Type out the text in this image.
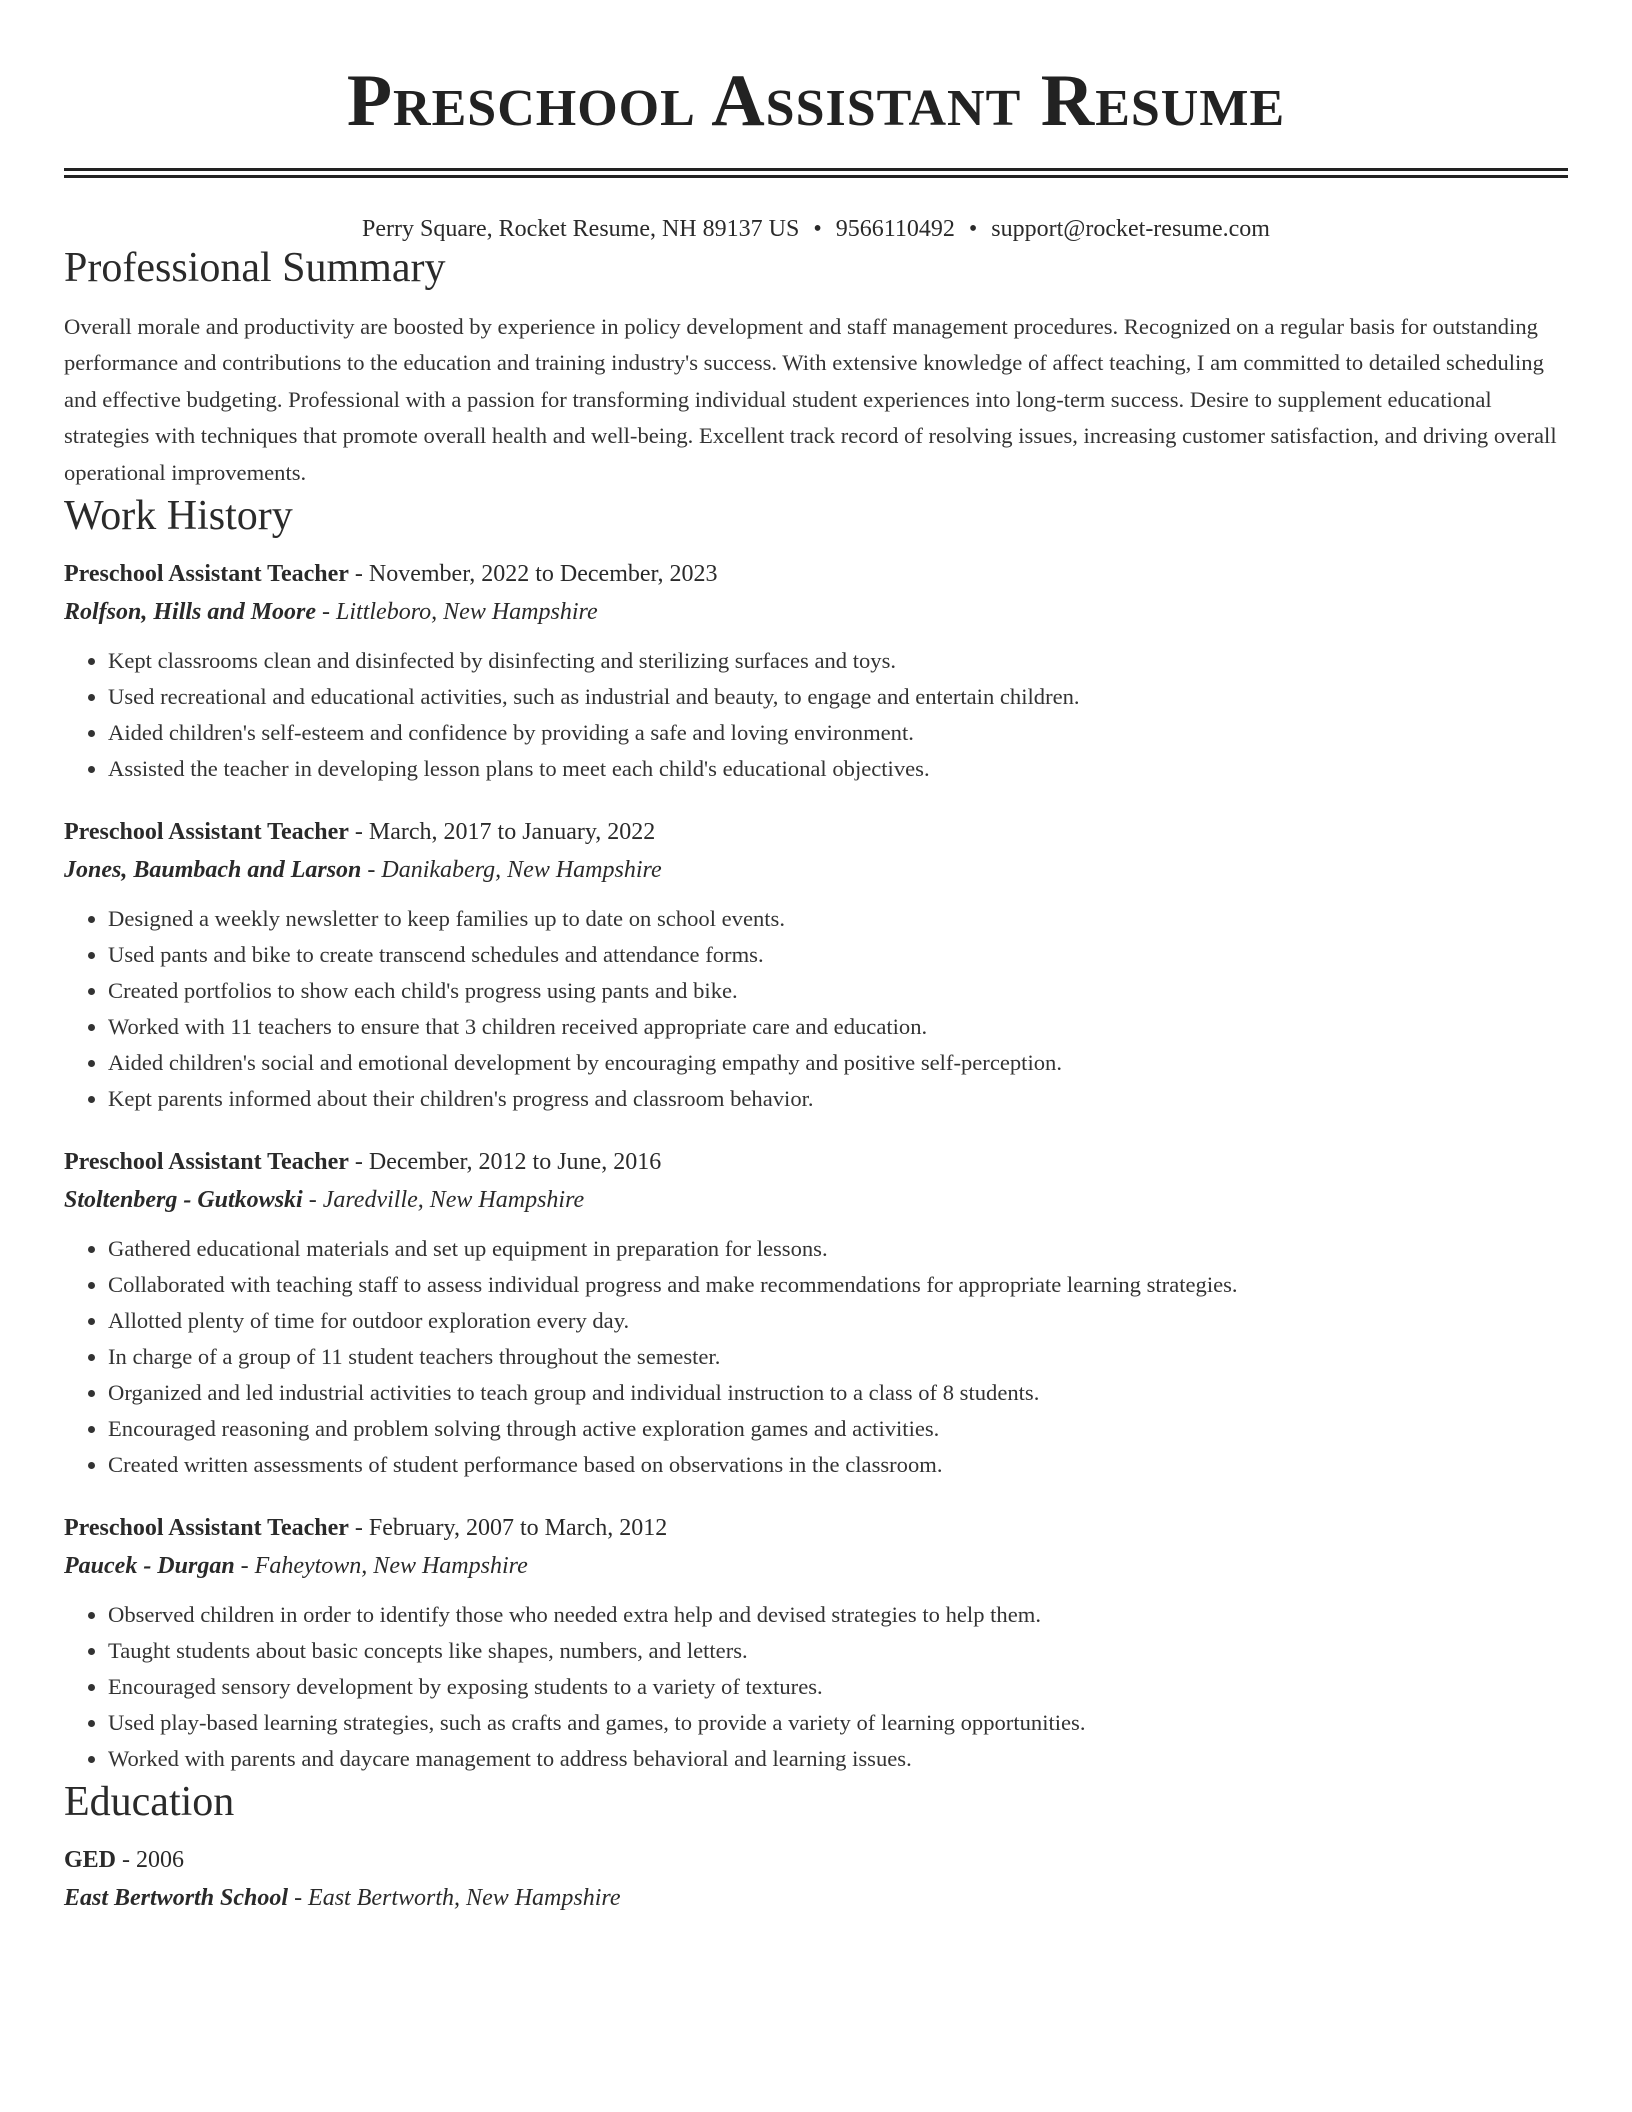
Preschool Assistant Resume
Perry Square, Rocket Resume, NH 89137 US • 9566110492 • support@rocket-resume.com
Professional Summary

Overall morale and productivity are boosted by experience in policy development and staff management procedures. Recognized on a regular basis for outstanding performance and contributions to the education and training industry's success. With extensive knowledge of affect teaching, I am committed to detailed scheduling and effective budgeting. Professional with a passion for transforming individual student experiences into long-term success. Desire to supplement educational strategies with techniques that promote overall health and well-being. Excellent track record of resolving issues, increasing customer satisfaction, and driving overall operational improvements.

Work History

Preschool Assistant Teacher - November, 2022 to December, 2023

Rolfson, Hills and Moore - Littleboro, New Hampshire

• Kept classrooms clean and disinfected by disinfecting and sterilizing surfaces and toys.
• Used recreational and educational activities, such as industrial and beauty, to engage and entertain children.
• Aided children's self-esteem and confidence by providing a safe and loving environment.
• Assisted the teacher in developing lesson plans to meet each child's educational objectives.

Preschool Assistant Teacher - March, 2017 to January, 2022

Jones, Baumbach and Larson - Danikaberg, New Hampshire

• Designed a weekly newsletter to keep families up to date on school events.
• Used pants and bike to create transcend schedules and attendance forms.
• Created portfolios to show each child's progress using pants and bike.
• Worked with 11 teachers to ensure that 3 children received appropriate care and education.
• Aided children's social and emotional development by encouraging empathy and positive self-perception.
• Kept parents informed about their children's progress and classroom behavior.

Preschool Assistant Teacher - December, 2012 to June, 2016

Stoltenberg - Gutkowski - Jaredville, New Hampshire

• Gathered educational materials and set up equipment in preparation for lessons.
• Collaborated with teaching staff to assess individual progress and make recommendations for appropriate learning strategies.
• Allotted plenty of time for outdoor exploration every day.
• In charge of a group of 11 student teachers throughout the semester.
• Organized and led industrial activities to teach group and individual instruction to a class of 8 students.
• Encouraged reasoning and problem solving through active exploration games and activities.
• Created written assessments of student performance based on observations in the classroom.

Preschool Assistant Teacher - February, 2007 to March, 2012

Paucek - Durgan - Faheytown, New Hampshire

• Observed children in order to identify those who needed extra help and devised strategies to help them.
• Taught students about basic concepts like shapes, numbers, and letters.
• Encouraged sensory development by exposing students to a variety of textures.
• Used play-based learning strategies, such as crafts and games, to provide a variety of learning opportunities.
• Worked with parents and daycare management to address behavioral and learning issues.
Education

GED - 2006

East Bertworth School - East Bertworth, New Hampshire
